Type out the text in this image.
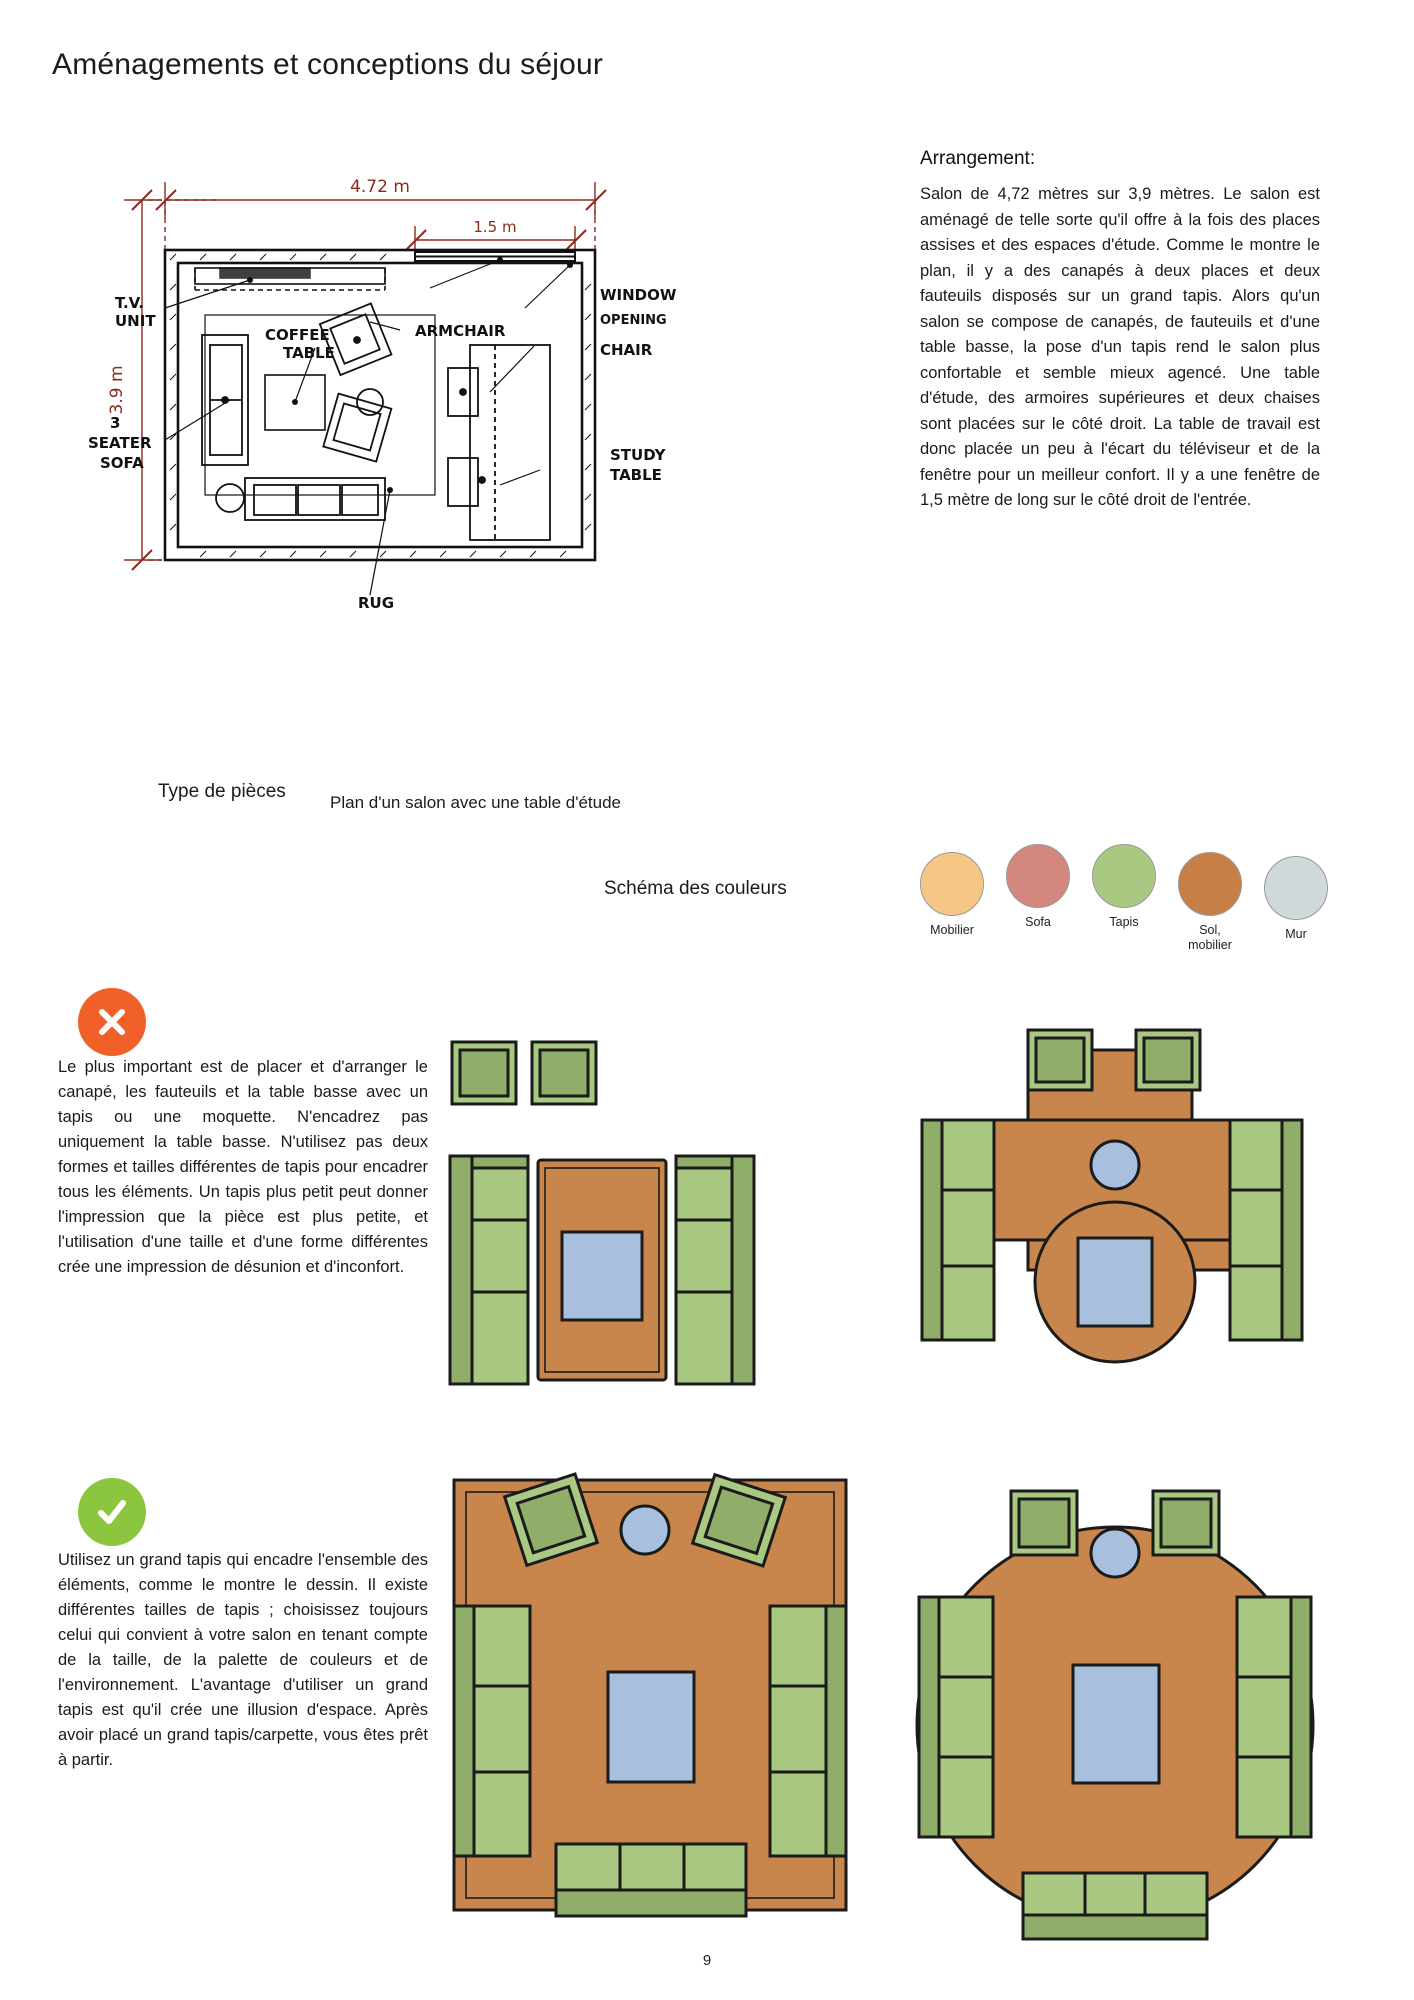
Aménagements et conceptions du séjour
4.72 m
1.5 m
3.9 m
T.V.
UNIT
COFFEE
TABLE
ARMCHAIR
WINDOW
OPENING
CHAIR
STUDY
TABLE
3
SEATER
SOFA
RUG
Arrangement:
Salon de 4,72 mètres sur 3,9 mètres. Le salon est aménagé de telle sorte qu'il offre à la fois des places assises et des espaces d'étude. Comme le montre le plan, il y a des canapés à deux places et deux fauteuils disposés sur un grand tapis. Alors qu'un salon se compose de canapés, de fauteuils et d'une table basse, la pose d'un tapis rend le salon plus confortable et semble mieux agencé. Une table d'étude, des armoires supérieures et deux chaises sont placées sur le côté droit. La table de travail est donc placée un peu à l'écart du téléviseur et de la fenêtre pour un meilleur confort. Il y a une fenêtre de 1,5 mètre de long sur le côté droit de l'entrée.
Type de pièces
Plan d'un salon avec une table d'étude
Schéma des couleurs
Mobilier
Sofa	Tapis
Sol, mobilier
Mur
Le plus important est de placer et d'arranger le canapé, les fauteuils et la table basse avec un tapis ou une moquette. N'encadrez pas uniquement la table basse. N'utilisez pas deux formes et tailles différentes de tapis pour encadrer tous les éléments. Un tapis plus petit peut donner l'impression que la pièce est plus petite, et l'utilisation d'une taille et d'une forme différentes crée une impression de désunion et d'inconfort.
Utilisez un grand tapis qui encadre l'ensemble des éléments, comme le montre le dessin. Il existe différentes tailles de tapis ; choisissez toujours celui qui convient à votre salon en tenant compte de la taille, de la palette de couleurs et de l'environnement. L'avantage d'utiliser un grand tapis est qu'il crée une illusion d'espace. Après avoir placé un grand tapis/carpette, vous êtes prêt à partir.
9
